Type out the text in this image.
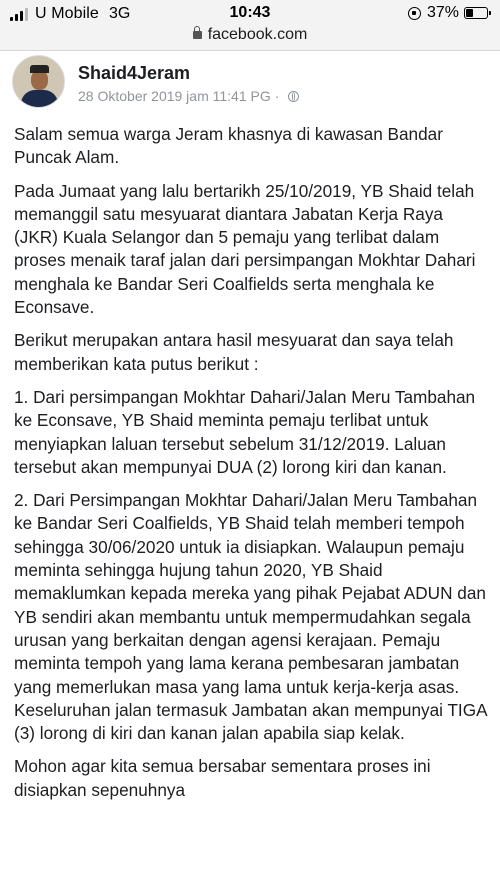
U Mobile 3G	10:43	37%
facebook.com
Shaid4Jeram
28 Oktober 2019 jam 11:41 PG ·

Salam semua warga Jeram khasnya di kawasan Bandar Puncak Alam.

Pada Jumaat yang lalu bertarikh 25/10/2019, YB Shaid telah memanggil satu mesyuarat diantara Jabatan Kerja Raya (JKR) Kuala Selangor dan 5 pemaju yang terlibat dalam proses menaik taraf jalan dari persimpangan Mokhtar Dahari menghala ke Bandar Seri Coalfields serta menghala ke Econsave.

Berikut merupakan antara hasil mesyuarat dan saya telah memberikan kata putus berikut :

1. Dari persimpangan Mokhtar Dahari/Jalan Meru Tambahan ke Econsave, YB Shaid meminta pemaju terlibat untuk menyiapkan laluan tersebut sebelum 31/12/2019. Laluan tersebut akan mempunyai DUA (2) lorong kiri dan kanan.

2. Dari Persimpangan Mokhtar Dahari/Jalan Meru Tambahan ke Bandar Seri Coalfields, YB Shaid telah memberi tempoh sehingga 30/06/2020 untuk ia disiapkan. Walaupun pemaju meminta sehingga hujung tahun 2020, YB Shaid memaklumkan kepada mereka yang pihak Pejabat ADUN dan YB sendiri akan membantu untuk mempermudahkan segala urusan yang berkaitan dengan agensi kerajaan. Pemaju meminta tempoh yang lama kerana pembesaran jambatan yang memerlukan masa yang lama untuk kerja-kerja asas. Keseluruhan jalan termasuk Jambatan akan mempunyai TIGA (3) lorong di kiri dan kanan jalan apabila siap kelak.

Mohon agar kita semua bersabar sementara proses ini disiapkan sepenuhnya
